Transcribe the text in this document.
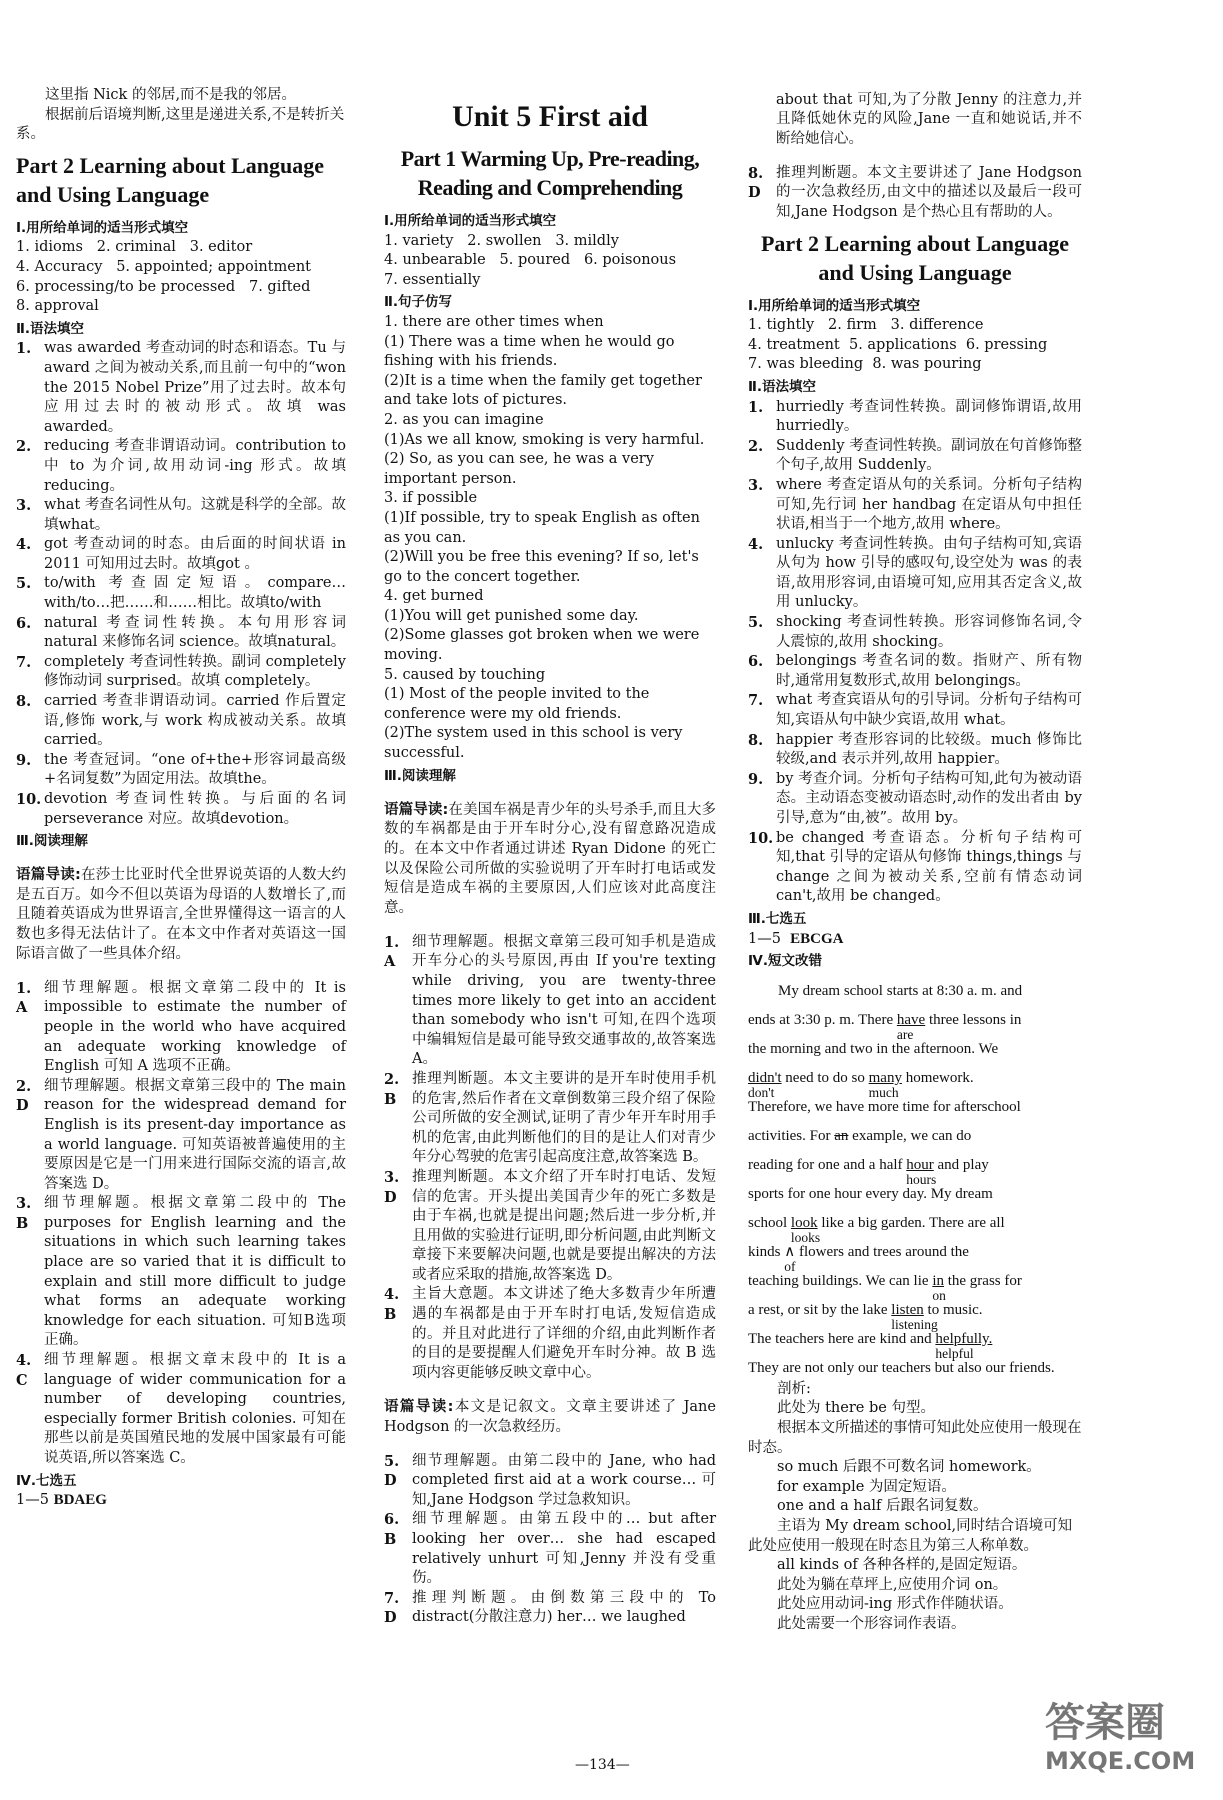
这里指 Nick 的邻居,而不是我的邻居。

根据前后语境判断,这里是递进关系,不是转折关系。

Part 2 Learning about Language and Using Language
Ⅰ.用所给单词的适当形式填空

1. idioms   2. criminal   3. editor

4. Accuracy   5. appointed; appointment

6. processing/to be processed   7. gifted

8. approval

Ⅱ.语法填空
1. was awarded 考查动词的时态和语态。Tu 与 award 之间为被动关系,而且前一句中的“won the 2015 Nobel Prize”用了过去时。故本句应用过去时的被动形式。故填 was awarded。
2. reducing 考查非谓语动词。contribution to 中 to 为介词,故用动词-ing 形式。故填 reducing。
3. what 考查名词性从句。这就是科学的全部。故填what。
4. got 考查动词的时态。由后面的时间状语 in 2011 可知用过去时。故填got 。
5. to/with 考查固定短语。compare… with/to…把……和……相比。故填to/with
6. natural 考查词性转换。本句用形容词 natural 来修饰名词 science。故填natural。
7. completely 考查词性转换。副词 completely 修饰动词 surprised。故填 completely。
8. carried 考查非谓语动词。carried 作后置定语,修饰 work,与 work 构成被动关系。故填carried。
9. the 考查冠词。“one of+the+形容词最高级+名词复数”为固定用法。故填the。
10. devotion 考查词性转换。与后面的名词 perseverance 对应。故填devotion。
Ⅲ.阅读理解

语篇导读:在莎士比亚时代全世界说英语的人数大约是五百万。如今不但以英语为母语的人数增长了,而且随着英语成为世界语言,全世界懂得这一语言的人数也多得无法估计了。在本文中作者对英语这一国际语言做了一些具体介绍。

1. A
细节理解题。根据文章第二段中的 It is impossible to estimate the number of people in the world who have acquired an adequate working knowledge of English 可知 A 选项不正确。
2. D
细节理解题。根据文章第三段中的 The main reason for the widespread demand for English is its present-day importance as a world language. 可知英语被普遍使用的主要原因是它是一门用来进行国际交流的语言,故答案选 D。
3. B
细节理解题。根据文章第二段中的 The purposes for English learning and the situations in which such learning takes place are so varied that it is difficult to explain and still more difficult to judge what forms an adequate working knowledge for each situation. 可知B选项正确。
4. C
细节理解题。根据文章末段中的 It is a language of wider communication for a number of developing countries, especially former British colonies. 可知在那些以前是英国殖民地的发展中国家最有可能说英语,所以答案选 C。
Ⅳ.七选五

1—5 BDAEG

Unit 5 First aid
Part 1 Warming Up, Pre-reading, Reading and Comprehending
Ⅰ.用所给单词的适当形式填空

1. variety   2. swollen   3. mildly

4. unbearable   5. poured   6. poisonous

7. essentially

Ⅱ.句子仿写

1. there are other times when

(1) There was a time when he would go fishing with his friends.

(2)It is a time when the family get together and take lots of pictures.

2. as you can imagine

(1)As we all know, smoking is very harmful.

(2) So, as you can see, he was a very important person.

3. if possible

(1)If possible, try to speak English as often as you can.

(2)Will you be free this evening? If so, let's go to the concert together.

4. get burned

(1)You will get punished some day.

(2)Some glasses got broken when we were moving.

5. caused by touching

(1) Most of the people invited to the conference were my old friends.

(2)The system used in this school is very successful.

Ⅲ.阅读理解

语篇导读:在美国车祸是青少年的头号杀手,而且大多数的车祸都是由于开车时分心,没有留意路况造成的。在本文中作者通过讲述 Ryan Didone 的死亡以及保险公司所做的实验说明了开车时打电话或发短信是造成车祸的主要原因,人们应该对此高度注意。

1. A
细节理解题。根据文章第三段可知手机是造成开车分心的头号原因,再由 If you're texting while driving, you are twenty-three times more likely to get into an accident than somebody who isn't 可知,在四个选项中编辑短信是最可能导致交通事故的,故答案选 A。
2. B
推理判断题。本文主要讲的是开车时使用手机的危害,然后作者在文章倒数第三段介绍了保险公司所做的安全测试,证明了青少年开车时用手机的危害,由此判断他们的目的是让人们对青少年分心驾驶的危害引起高度注意,故答案选 B。
3. D
推理判断题。本文介绍了开车时打电话、发短信的危害。开头提出美国青少年的死亡多数是由于车祸,也就是提出问题;然后进一步分析,并且用做的实验进行证明,即分析问题,由此判断文章接下来要解决问题,也就是要提出解决的方法或者应采取的措施,故答案选 D。
4. B
主旨大意题。本文讲述了绝大多数青少年所遭遇的车祸都是由于开车时打电话,发短信造成的。并且对此进行了详细的介绍,由此判断作者的目的是要提醒人们避免开车时分神。故 B 选项内容更能够反映文章中心。

语篇导读:本文是记叙文。文章主要讲述了 Jane Hodgson 的一次急救经历。

5. D
细节理解题。由第二段中的 Jane, who had completed first aid at a work course… 可知,Jane Hodgson 学过急救知识。
6. B
细节理解题。由第五段中的… but after looking her over… she had escaped relatively unhurt 可知,Jenny 并没有受重伤。
7. D
推理判断题。由倒数第三段中的 To distract(分散注意力) her… we laughed

about that 可知,为了分散 Jenny 的注意力,并且降低她休克的风险,Jane 一直和她说话,并不断给她信心。

8. D
推理判断题。本文主要讲述了 Jane Hodgson 的一次急救经历,由文中的描述以及最后一段可知,Jane Hodgson 是个热心且有帮助的人。
Part 2 Learning about Language and Using Language
Ⅰ.用所给单词的适当形式填空

1. tightly   2. firm   3. difference

4. treatment  5. applications  6. pressing

7. was bleeding  8. was pouring

Ⅱ.语法填空
1. hurriedly 考查词性转换。副词修饰谓语,故用 hurriedly。
2. Suddenly 考查词性转换。副词放在句首修饰整个句子,故用 Suddenly。
3. where 考查定语从句的关系词。分析句子结构可知,先行词 her handbag 在定语从句中担任状语,相当于一个地方,故用 where。
4. unlucky 考查词性转换。由句子结构可知,宾语从句为 how 引导的感叹句,设空处为 was 的表语,故用形容词,由语境可知,应用其否定含义,故用 unlucky。
5. shocking 考查词性转换。形容词修饰名词,令人震惊的,故用 shocking。
6. belongings 考查名词的数。指财产、所有物时,通常用复数形式,故用 belongings。
7. what 考查宾语从句的引导词。分析句子结构可知,宾语从句中缺少宾语,故用 what。
8. happier 考查形容词的比较级。much 修饰比较级,and 表示并列,故用 happier。
9. by 考查介词。分析句子结构可知,此句为被动语态。主动语态变被动语态时,动作的发出者由 by 引导,意为“由,被”。故用 by。
10. be changed 考查语态。分析句子结构可知,that 引导的定语从句修饰 things,things 与 change 之间为被动关系,空前有情态动词 can't,故用 be changed。
Ⅲ.七选五

1—5  EBCGA

Ⅳ.短文改错
My dream school starts at 8:30 a. m. and
ends at 3:30 p. m. There have
are
three lessons in
the morning and two in the afternoon. We
didn't
don't
need to do so many
much
homework.
Therefore, we have more time for afterschool
activities. For an example, we can do
reading for one and a half hour
hours
and play
sports for one hour every day. My dream
school look
looks
like a big garden. There are all
kinds ∧
of
flowers and trees around the
teaching buildings. We can lie in
on
the grass for
a rest, or sit by the lake listen
listening
to music.
The teachers here are kind and helpfully.
helpful
They are not only our teachers but also our friends.

剖析:

此处为 there be 句型。

根据本文所描述的事情可知此处应使用一般现在时态。

so much 后跟不可数名词 homework。

for example 为固定短语。

one and a half 后跟名词复数。

主语为 My dream school,同时结合语境可知此处应使用一般现在时态且为第三人称单数。

all kinds of 各种各样的,是固定短语。

此处为躺在草坪上,应使用介词 on。

此处应用动词-ing 形式作伴随状语。

此处需要一个形容词作表语。

—134—
答案圈
MXQE.COM
